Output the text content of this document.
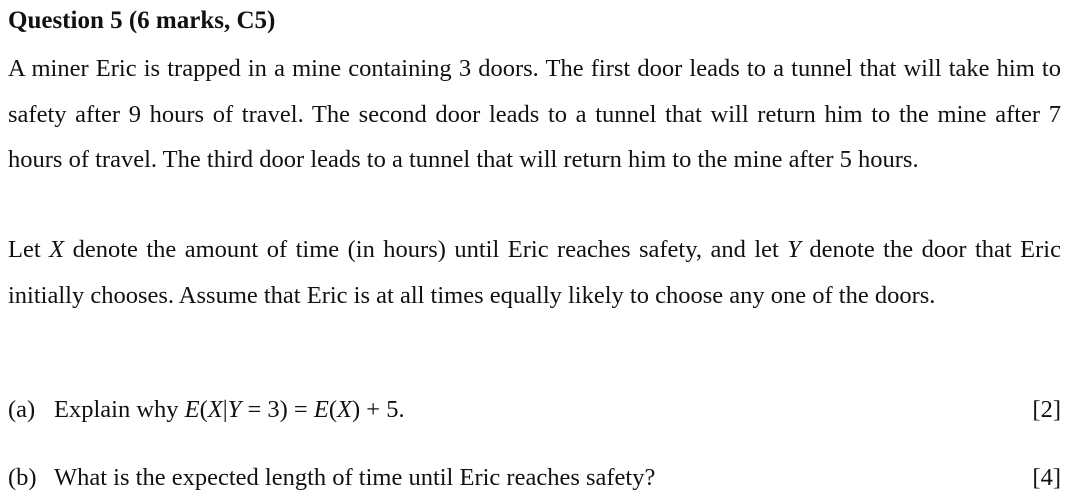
Question 5 (6 marks, C5)
A miner Eric is trapped in a mine containing 3 doors. The first door leads to a tunnel that will take him to safety after 9 hours of travel. The second door leads to a tunnel that will return him to the mine after 7 hours of travel. The third door leads to a tunnel that will return him to the mine after 5 hours.
Let X denote the amount of time (in hours) until Eric reaches safety, and let Y denote the door that Eric initially chooses. Assume that Eric is at all times equally likely to choose any one of the doors.
(a) Explain why E(X|Y = 3) = E(X) + 5.	[2]
(b) What is the expected length of time until Eric reaches safety?	[4]
